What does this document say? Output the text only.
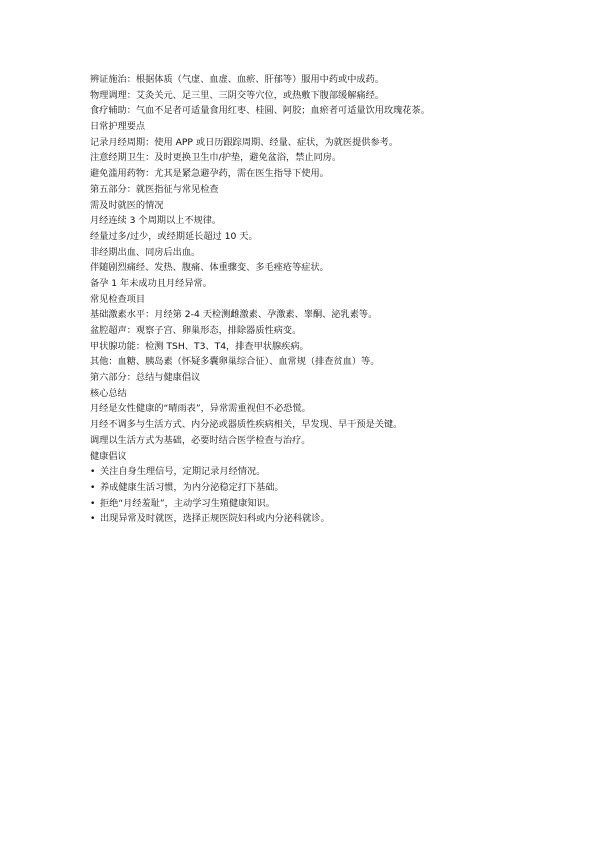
辨证施治：根据体质（气虚、血虚、血瘀、肝郁等）服用中药或中成药。
物理调理：艾灸关元、足三里、三阴交等穴位，或热敷下腹部缓解痛经。
食疗辅助：气血不足者可适量食用红枣、桂圆、阿胶；血瘀者可适量饮用玫瑰花茶。
日常护理要点
记录月经周期：使用 APP 或日历跟踪周期、经量、症状，为就医提供参考。
注意经期卫生：及时更换卫生巾/护垫，避免盆浴，禁止同房。
避免滥用药物：尤其是紧急避孕药，需在医生指导下使用。
第五部分：就医指征与常见检查
需及时就医的情况
月经连续 3 个周期以上不规律。
经量过多/过少，或经期延长超过 10 天。
非经期出血、同房后出血。
伴随剧烈痛经、发热、腹痛、体重骤变、多毛痤疮等症状。
备孕 1 年未成功且月经异常。
常见检查项目
基础激素水平：月经第 2-4 天检测雌激素、孕激素、睾酮、泌乳素等。
盆腔超声：观察子宫、卵巢形态，排除器质性病变。
甲状腺功能：检测 TSH、T3、T4，排查甲状腺疾病。
其他：血糖、胰岛素（怀疑多囊卵巢综合征）、血常规（排查贫血）等。
第六部分：总结与健康倡议
核心总结
月经是女性健康的“晴雨表”，异常需重视但不必恐慌。
月经不调多与生活方式、内分泌或器质性疾病相关，早发现、早干预是关键。
调理以生活方式为基础，必要时结合医学检查与治疗。
健康倡议
• 关注自身生理信号，定期记录月经情况。
• 养成健康生活习惯，为内分泌稳定打下基础。
• 拒绝“月经羞耻”，主动学习生殖健康知识。
• 出现异常及时就医，选择正规医院妇科或内分泌科就诊。
